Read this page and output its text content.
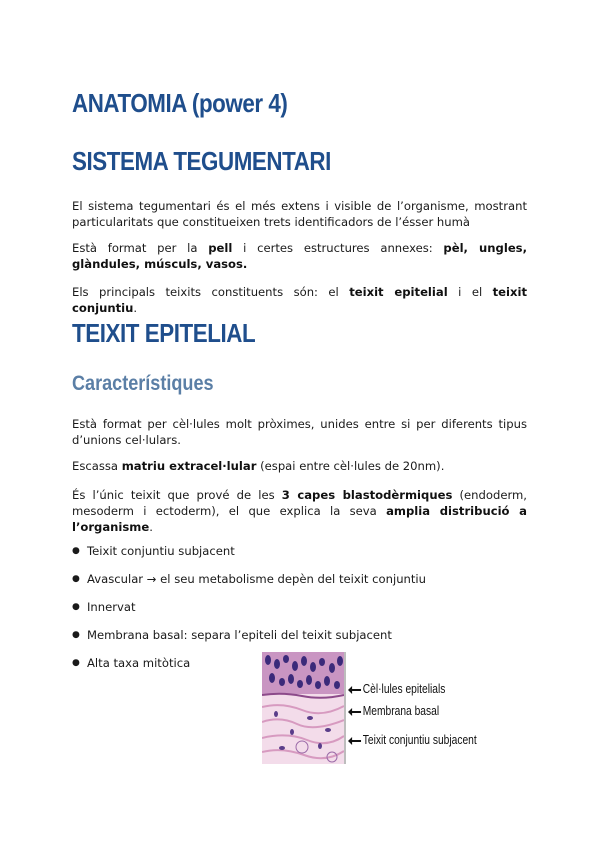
ANATOMIA (power 4)
SISTEMA TEGUMENTARI

El sistema tegumentari és el més extens i visible de l’organisme, mostrant particularitats que constitueixen trets identificadors de l’ésser humà

Està format per la pell i certes estructures annexes: pèl, ungles, glàndules, músculs, vasos.

Els principals teixits constituents són: el teixit epitelial i el teixit conjuntiu.

TEIXIT EPITELIAL
Característiques

Està format per cèl·lules molt pròximes, unides entre si per diferents tipus d’unions cel·lulars.

Escassa matriu extracel·lular (espai entre cèl·lules de 20nm).

És l’únic teixit que prové de les 3 capes blastodèrmiques (endoderm, mesoderm i ectoderm), el que explica la seva amplia distribució a l’organisme.

● Teixit conjuntiu subjacent
● Avascular → el seu metabolisme depèn del teixit conjuntiu
● Innervat
● Membrana basal: separa l’epiteli del teixit subjacent
● Alta taxa mitòtica
Cèl·lules epitelials
Membrana basal
Teixit conjuntiu subjacent
